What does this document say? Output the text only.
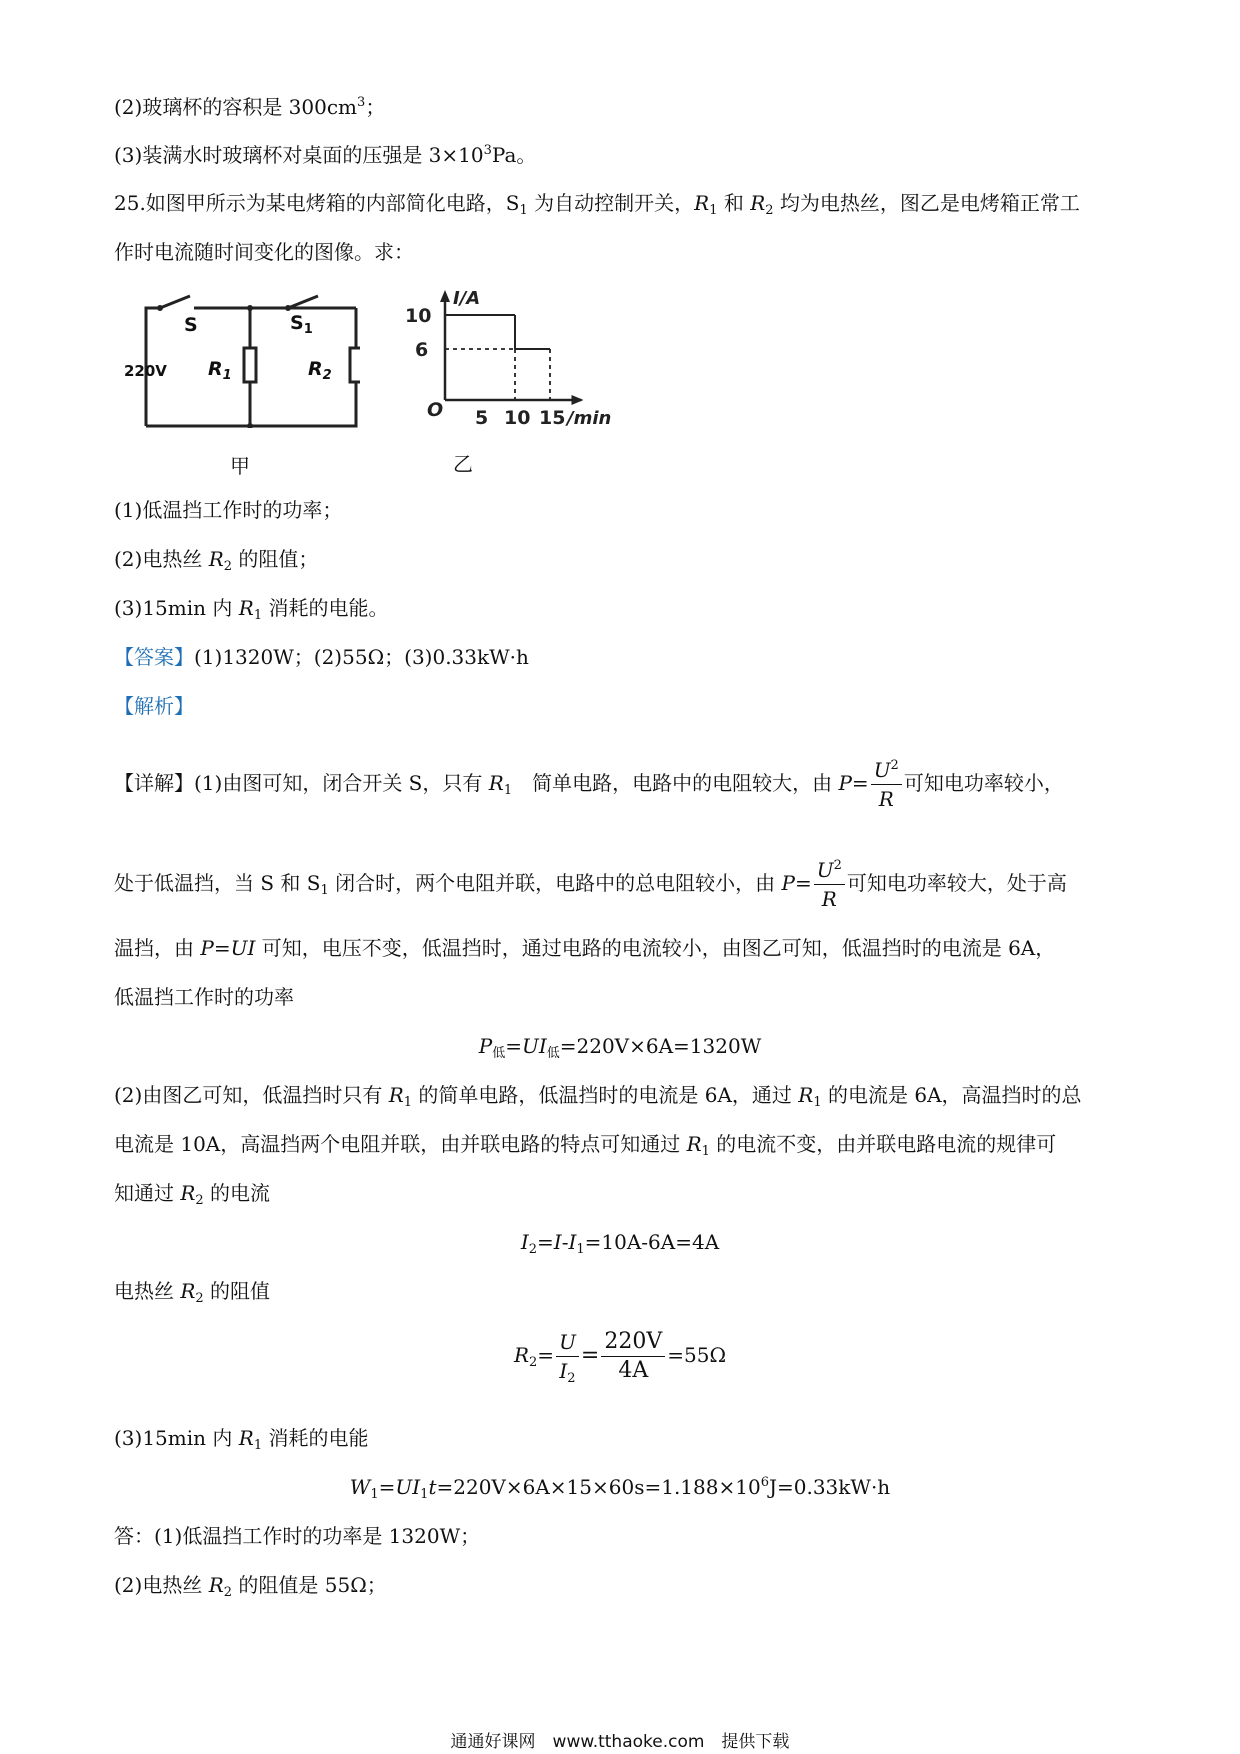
(2)玻璃杯的容积是 $300cm^3$；
(3)装满水时玻璃杯对桌面的压强是 $3\times 10^3Pa$。
25.如图甲所示为某电烤箱的内部简化电路，$S_1$ 为自动控制开关，$R_1$ 和 $R_2$ 均为电热丝，图乙是电烤箱正常工
作时电流随时间变化的图像。求：
S	$S_1$
220V $R_1$	$R_2$
甲
5 10 15
10
6
O
I/A
/min
乙
(1)低温挡工作时的功率；
(2)电热丝 $R_2$ 的阻值；
(3)15min 内 $R_1$ 消耗的电能。
【答案】(1)1320W；(2)55Ω；(3)0.33kW·h
【解析】
【详解】(1)由图可知，闭合开关 S，只有 $R_1$　简单电路，电路中的电阻较大，由 $P= \frac{U^2}{R}$ 可知电功率较小，
处于低温挡，当 S 和 $S_1$ 闭合时，两个电阻并联，电路中的总电阻较小，由 $P= \frac{U^2}{R}$ 可知电功率较大，处于高
温挡，由 P=UI 可知，电压不变，低温挡时，通过电路的电流较小，由图乙可知，低温挡时的电流是 6A，
低温挡工作时的功率
$P_低=UI_低=220V\times 6A=1320W$
(2)由图乙可知，低温挡时只有 $R_1$ 的简单电路，低温挡时的电流是 6A，通过 $R_1$ 的电流是 6A，高温挡时的总
电流是 10A，高温挡两个电阻并联，由并联电路的特点可知通过 $R_1$ 的电流不变，由并联电路电流的规律可
知通过 $R_2$ 的电流
$I_2=I-I_1=10A-6A=4A$
电热丝 $R_2$ 的阻值
$R_2= \frac{U}{I_2} = \frac{220V}{4A} =55\Omega$
(3)15min 内 $R_1$ 消耗的电能
$W_1=UI_1t=220V\times 6A\times 15\times 60s=1.188\times 10^6J=0.33kW\cdot h$
答：(1)低温挡工作时的功率是 1320W；
(2)电热丝 $R_2$ 的阻值是 55Ω；
通通好课网　www.tthaoke.com　提供下载
